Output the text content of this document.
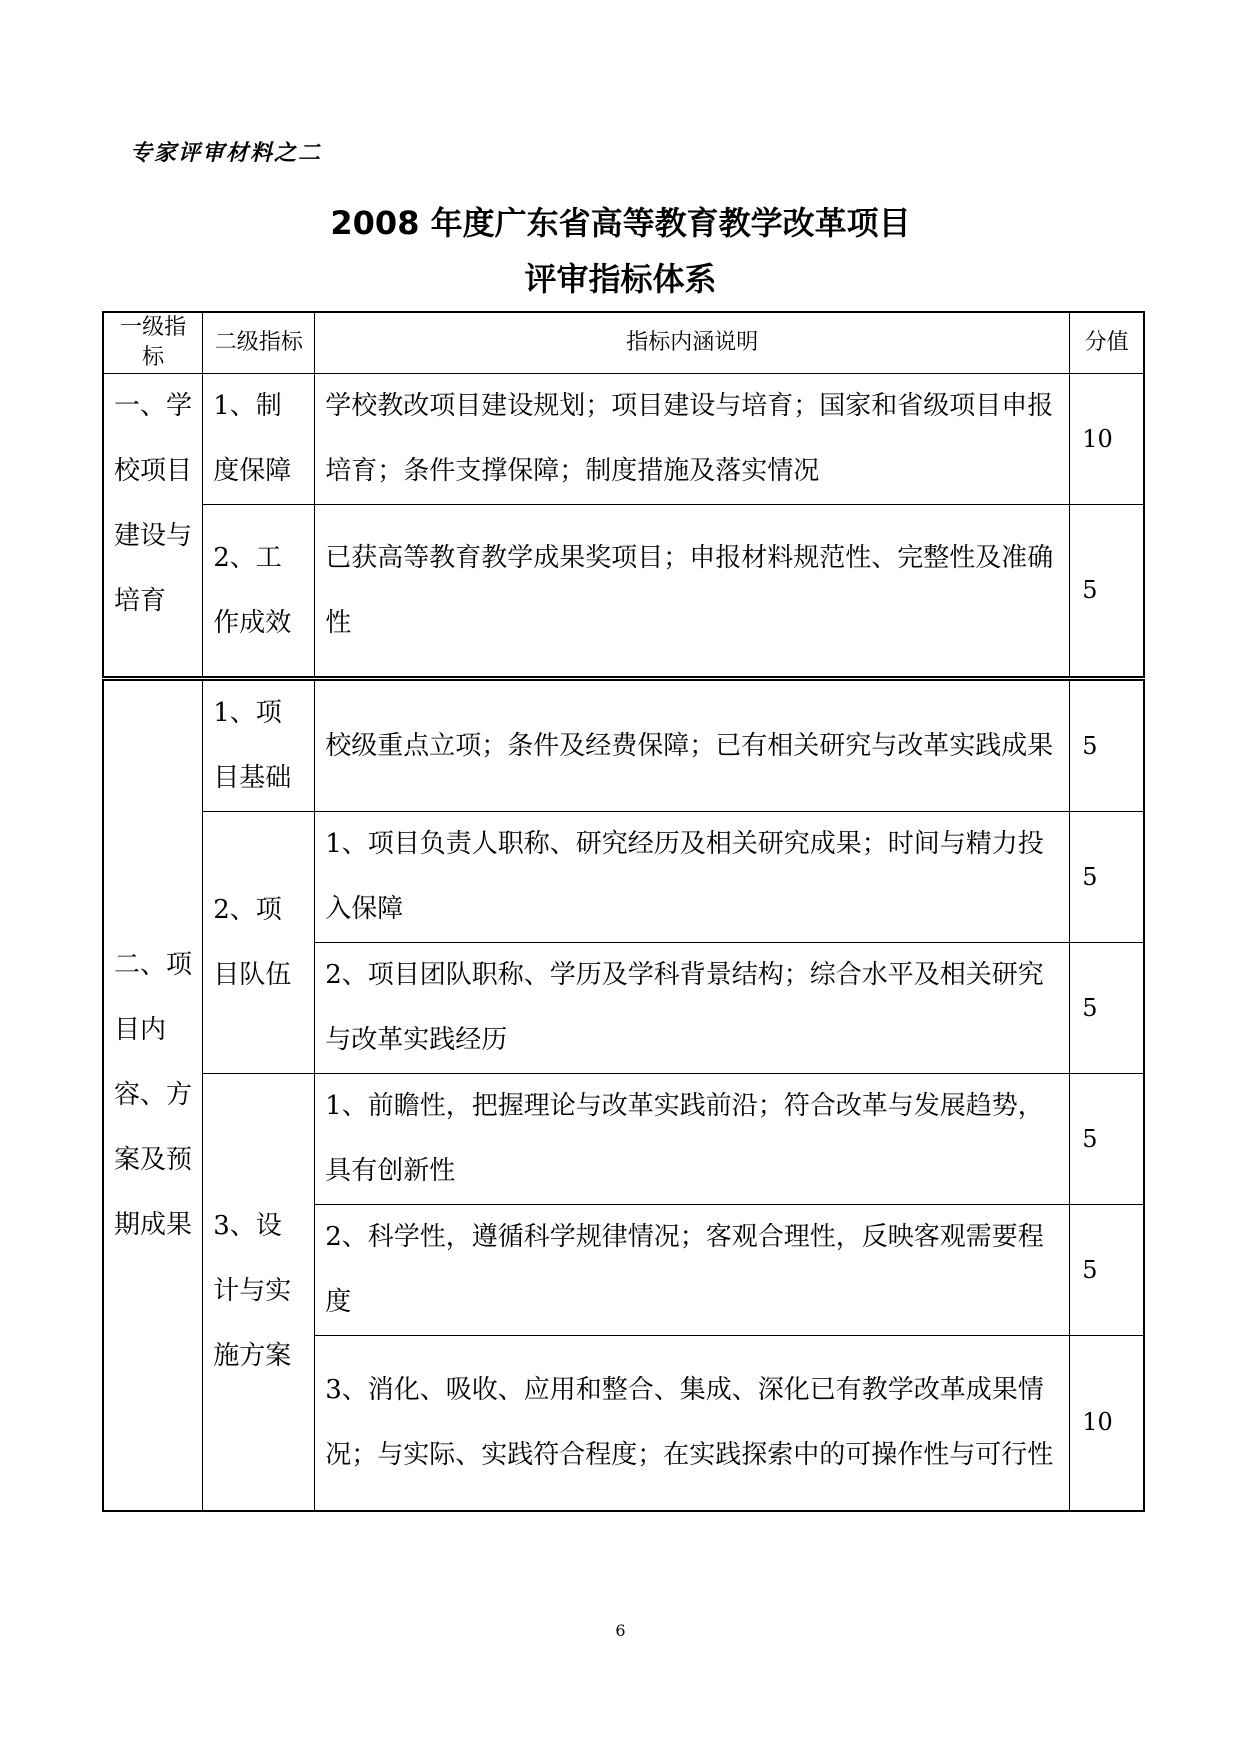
专家评审材料之二
2008 年度广东省高等教育教学改革项目
评审指标体系
一级指标	二级指标	指标内涵说明	分值
一、学校项目建设与培育	1、制度保障	学校教改项目建设规划；项目建设与培育；国家和省级项目申报培育；条件支撑保障；制度措施及落实情况	10
	2、工作成效	已获高等教育教学成果奖项目；申报材料规范性、完整性及准确性	5
二、项目内容、方案及预期成果	1、项目基础	校级重点立项；条件及经费保障；已有相关研究与改革实践成果	5
	2、项目队伍	1、项目负责人职称、研究经历及相关研究成果；时间与精力投入保障	5
		2、项目团队职称、学历及学科背景结构；综合水平及相关研究与改革实践经历	5
	3、设计与实施方案	1、前瞻性，把握理论与改革实践前沿；符合改革与发展趋势，具有创新性	5
		2、科学性，遵循科学规律情况；客观合理性，反映客观需要程度	5
		3、消化、吸收、应用和整合、集成、深化已有教学改革成果情况；与实际、实践符合程度；在实践探索中的可操作性与可行性	10
6
